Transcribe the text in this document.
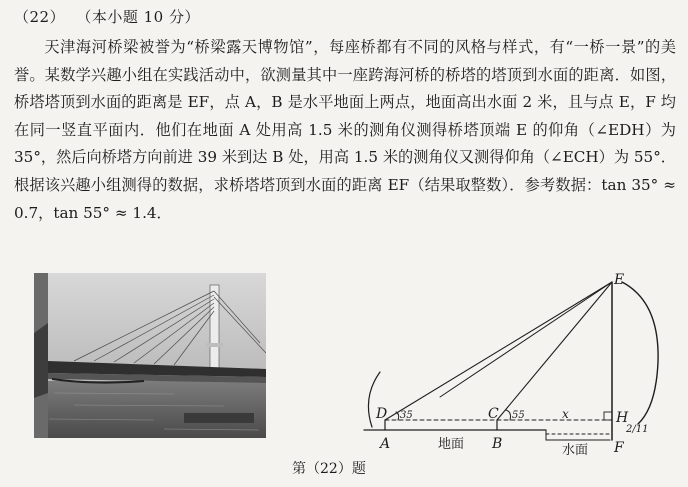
（22） （本小题 10 分）

天津海河桥梁被誉为“桥梁露天博物馆”，每座桥都有不同的风格与样式，有“一桥一景”的美誉。某数学兴趣小组在实践活动中，欲测量其中一座跨海河桥的桥塔的塔顶到水面的距离．如图，桥塔塔顶到水面的距离是 EF，点 A，B 是水平地面上两点，地面高出水面 2 米，且与点 E，F 均在同一竖直平面内．他们在地面 A 处用高 1.5 米的测角仪测得桥塔顶端 E 的仰角（∠EDH）为 35°，然后向桥塔方向前进 39 米到达 B 处，用高 1.5 米的测角仪又测得仰角（∠ECH）为 55°．根据该兴趣小组测得的数据，求桥塔塔顶到水面的距离 EF（结果取整数）．参考数据：tan 35° ≈ 0.7，tan 55° ≈ 1.4．

E
D	C	H
A	B	F
地面	水面
x
35	55
2/11
第（22）题
